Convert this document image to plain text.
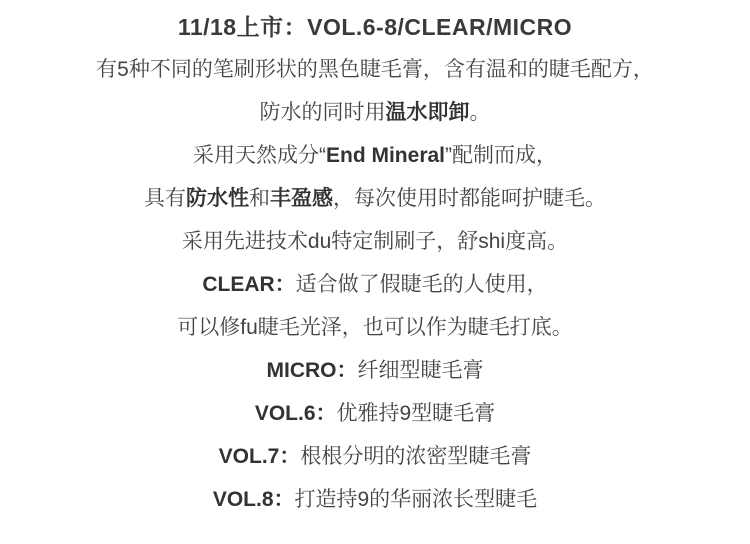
11/18上市：VOL.6-8/CLEAR/MICRO
有5种不同的笔刷形状的黑色睫毛膏，含有温和的睫毛配方，
防水的同时用温水即卸。
采用天然成分“End Mineral”配制而成，
具有防水性和丰盈感，每次使用时都能呵护睫毛。
采用先进技术du特定制刷子，舒shi度高。
CLEAR：适合做了假睫毛的人使用，
可以修fu睫毛光泽，也可以作为睫毛打底。
MICRO：纤细型睫毛膏
VOL.6：优雅持9型睫毛膏
VOL.7：根根分明的浓密型睫毛膏
VOL.8：打造持9的华丽浓长型睫毛
